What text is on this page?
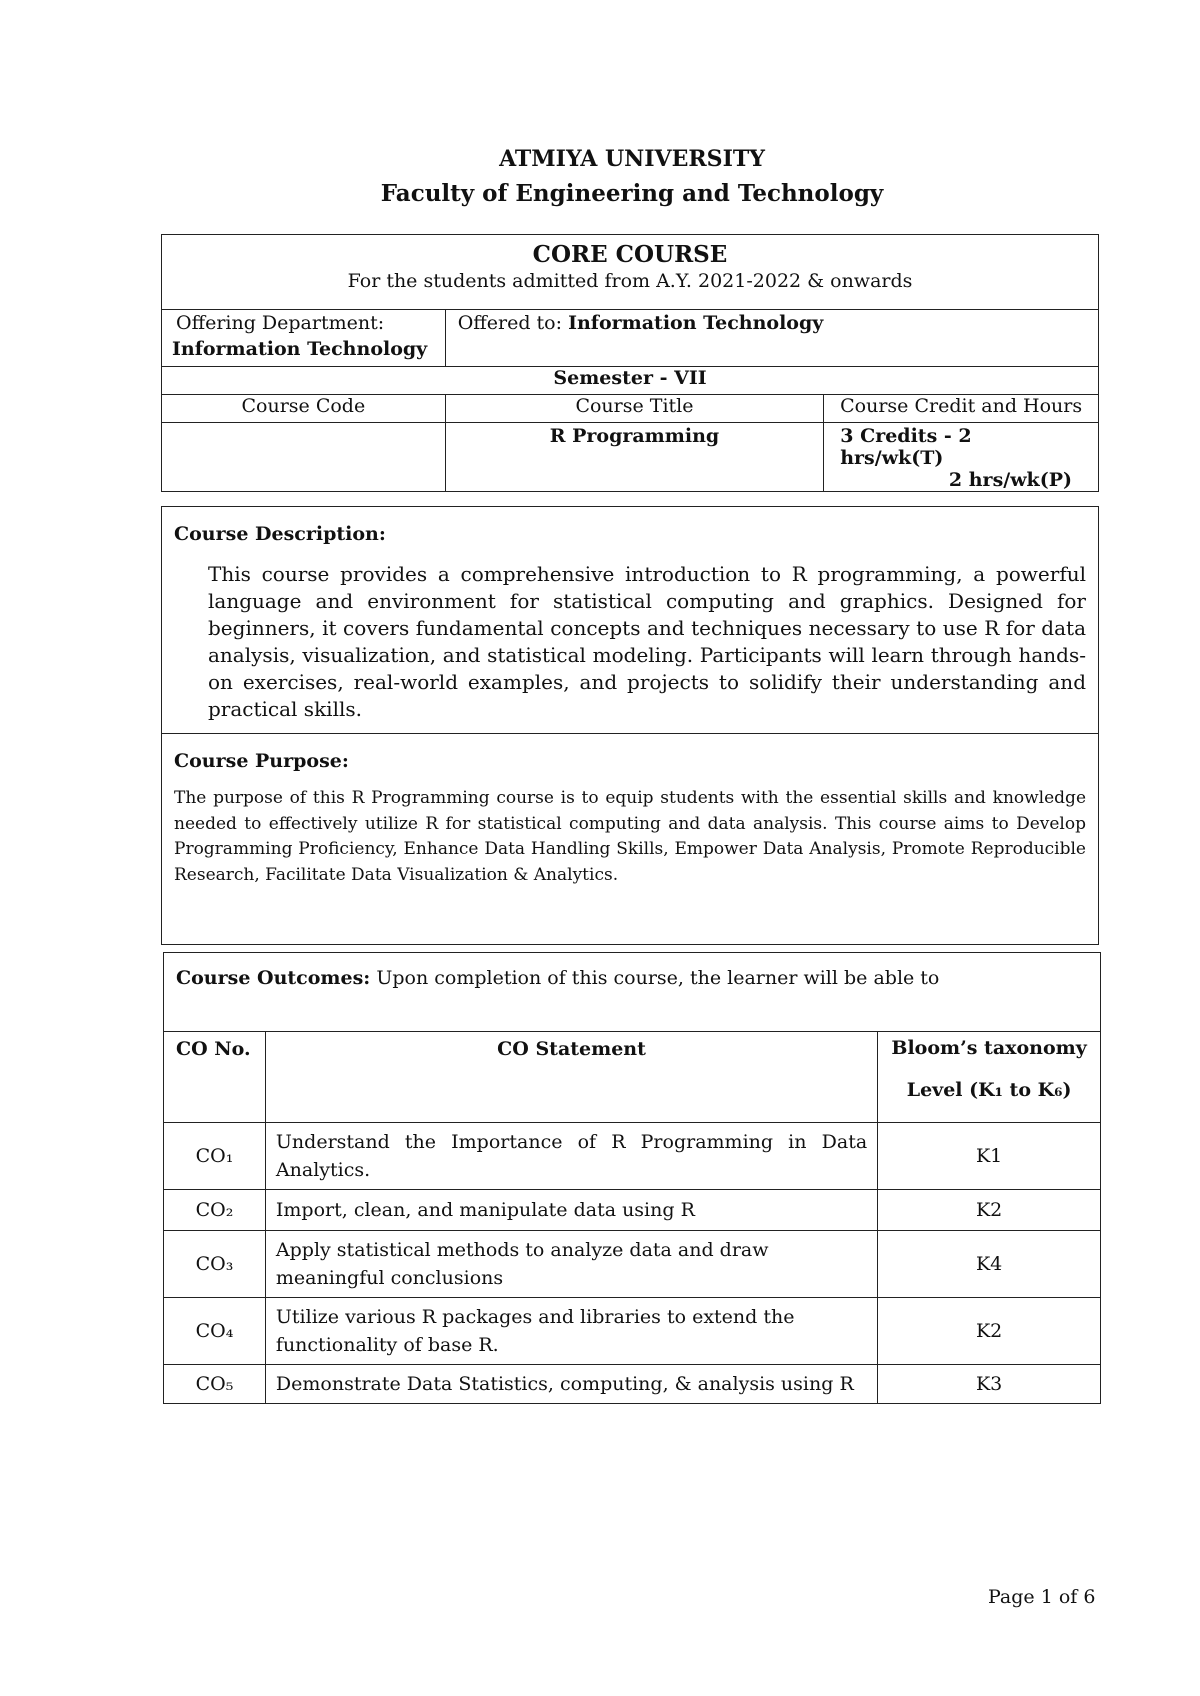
ATMIYA UNIVERSITY
Faculty of Engineering and Technology
CORE COURSE
For the students admitted from A.Y. 2021-2022 & onwards		

Offering Department:
Information Technology	Offered to: Information Technology	
Semester - VII		
Course Code	Course Title	Course Credit and Hours
	R Programming	3 Credits - 2 hrs/wk(T)
2 hrs/wk(P)
Course Description:
This course provides a comprehensive introduction to R programming, a powerful language and environment for statistical computing and graphics. Designed for beginners, it covers fundamental concepts and techniques necessary to use R for data analysis, visualization, and statistical modeling. Participants will learn through hands-on exercises, real-world examples, and projects to solidify their understanding and practical skills.

Course Purpose:
The purpose of this R Programming course is to equip students with the essential skills and knowledge needed to effectively utilize R for statistical computing and data analysis. This course aims to Develop Programming Proficiency, Enhance Data Handling Skills, Empower Data Analysis, Promote Reproducible Research, Facilitate Data Visualization & Analytics.
Course Outcomes: Upon completion of this course, the learner will be able to		
CO No.	CO Statement	Bloom’s taxonomy
Level (K₁ to K₆)

CO₁	Understand the Importance of R Programming in Data Analytics.	K1
CO₂	Import, clean, and manipulate data using R	K2
CO₃	Apply statistical methods to analyze data and draw meaningful conclusions	K4
CO₄	Utilize various R packages and libraries to extend the functionality of base R.	K2
CO₅	Demonstrate Data Statistics, computing, & analysis using R	K3
Page 1 of 6
